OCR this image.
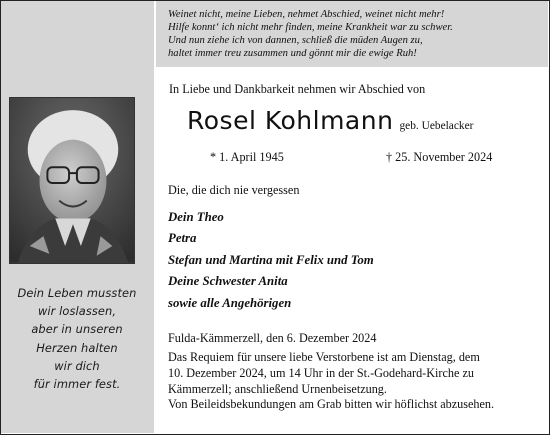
Dein Leben mussten
wir loslassen,
aber in unseren
Herzen halten
wir dich
für immer fest.
Weinet nicht, meine Lieben, nehmet Abschied, weinet nicht mehr!
Hilfe konnt‘ ich nicht mehr finden, meine Krankheit war zu schwer.
Und nun ziehe ich von dannen, schließ die müden Augen zu,
haltet immer treu zusammen und gönnt mir die ewige Ruh!
In Liebe und Dankbarkeit nehmen wir Abschied von
Rosel Kohlmann geb. Uebelacker
* 1. April 1945	† 25. November 2024
Die, die dich nie vergessen
Dein Theo
Petra
Stefan und Martina mit Felix und Tom
Deine Schwester Anita
sowie alle Angehörigen
Fulda-Kämmerzell, den 6. Dezember 2024
Das Requiem für unsere liebe Verstorbene ist am Dienstag, dem
10. Dezember 2024, um 14 Uhr in der St.-Godehard-Kirche zu
Kämmerzell; anschließend Urnenbeisetzung.
Von Beileidsbekundungen am Grab bitten wir höflichst abzusehen.
